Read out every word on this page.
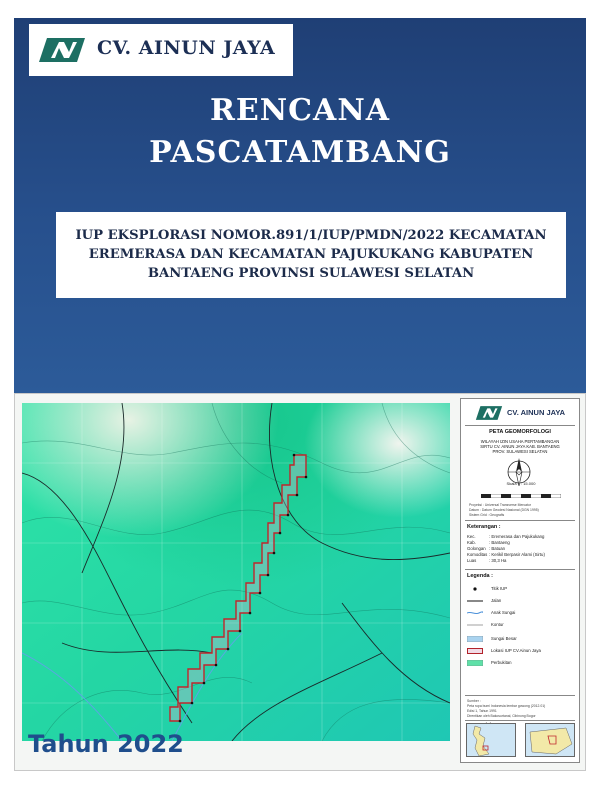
CV. AINUN JAYA
RENCANA
PASCATAMBANG
IUP EKSPLORASI NOMOR.891/1/IUP/PMDN/2022 KECAMATAN
EREMERASA DAN KECAMATAN PAJUKUKANG KABUPATEN
BANTAENG PROVINSI SULAWESI SELATAN
Tahun 2022
CV. AINUN JAYA
PETA GEOMORFOLOGI
WILAYAH IZIN USAHA PERTAMBANGAN
SIRTU CV. AINUN JAYA KAB. BANTAENG
PROV. SULAWESI SELATAN
Skala 1 : 15.000
Proyeksi : Universal Transverse Mercator
Datum : Datum Geodesi Nasional (DGN 1995)
Sistem Grid : Geografis
Keterangan :
Kec.	: Eremerasa dan Pajukukang
Kab.	: Bantaeng
Golongan : Batuan
Komoditas : Kerikil Berpasir Alami (Sirtu)
Luas	: 30,3 Ha
Legenda :
Titik IUP
Jalan
Anak Sungai
Kontur
Sungai Besar
Lokasi IUP CV.Ainun Jaya
Perbukitan
Sumber :
Peta rupa bumi Indonesia lembar gowong (2012.01)
Edisi 1, Tahun 1991
Direntikan oleh Bakosurtanal, Cibinong Bogor
